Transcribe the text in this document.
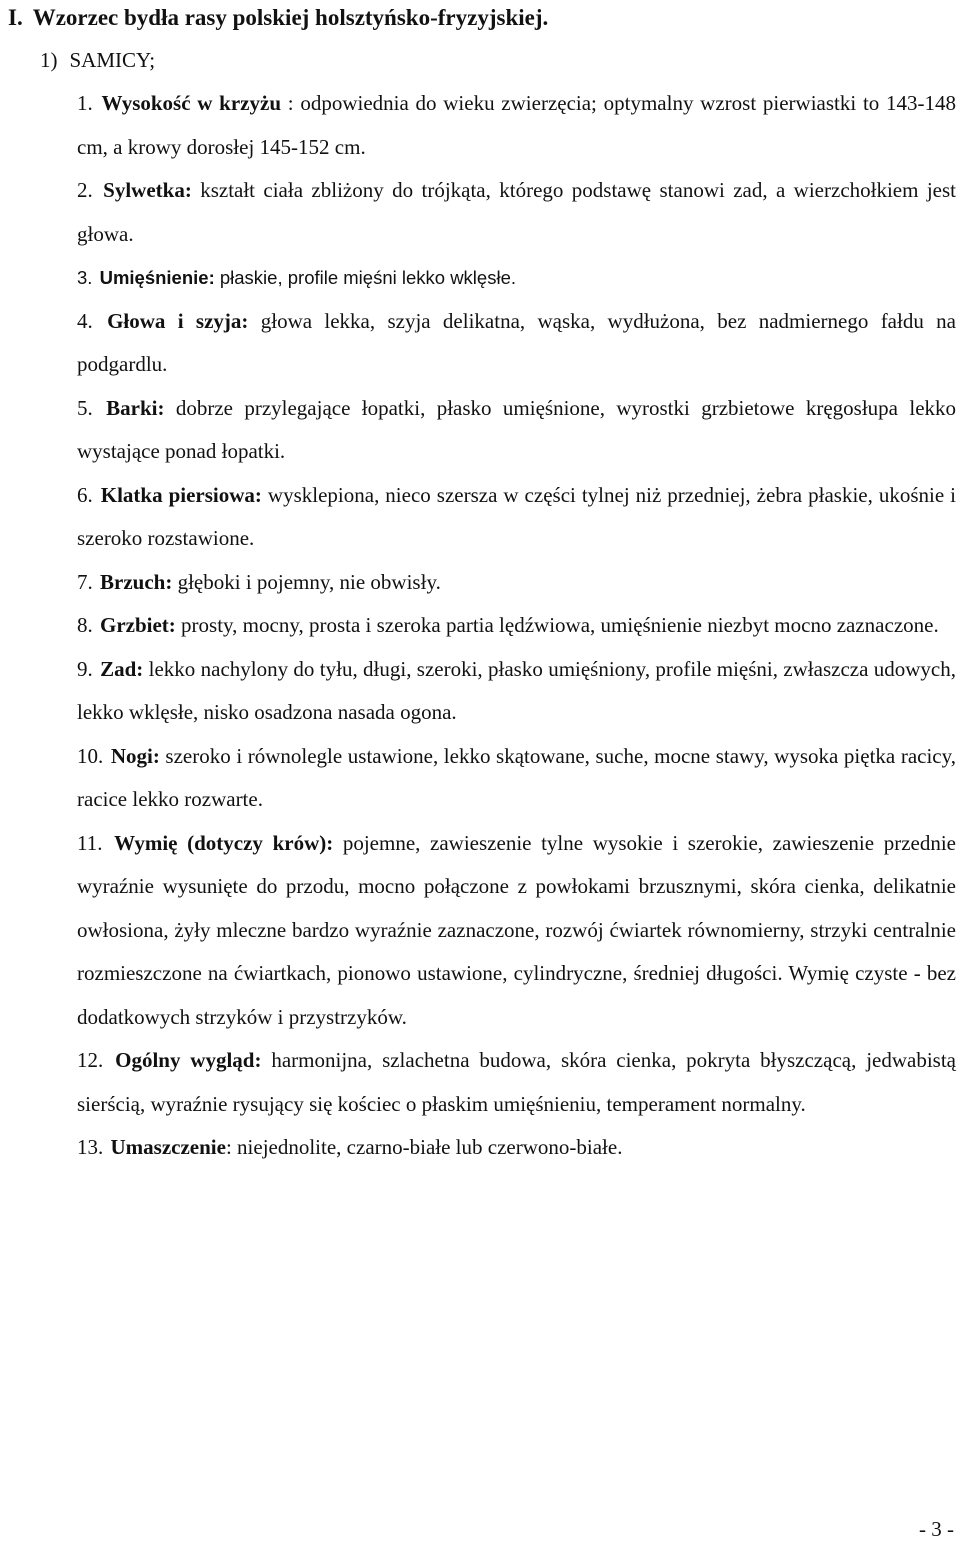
I. Wzorzec bydła rasy polskiej holsztyńsko-fryzyjskiej.
1) SAMICY;

1. Wysokość w krzyżu : odpowiednia do wieku zwierzęcia; optymalny wzrost pierwiastki to 143-148 cm, a krowy dorosłej 145-152 cm.

2. Sylwetka: kształt ciała zbliżony do trójkąta, którego podstawę stanowi zad, a wierzchołkiem jest głowa.

3. Umięśnienie: płaskie, profile mięśni lekko wklęsłe.

4. Głowa i szyja: głowa lekka, szyja delikatna, wąska, wydłużona, bez nadmiernego fałdu na podgardlu.

5. Barki: dobrze przylegające łopatki, płasko umięśnione, wyrostki grzbietowe kręgosłupa lekko wystające ponad łopatki.

6. Klatka piersiowa: wysklepiona, nieco szersza w części tylnej niż przedniej, żebra płaskie, ukośnie i szeroko rozstawione.

7. Brzuch: głęboki i pojemny, nie obwisły.

8. Grzbiet: prosty, mocny, prosta i szeroka partia lędźwiowa, umięśnienie niezbyt mocno zaznaczone.

9. Zad: lekko nachylony do tyłu, długi, szeroki, płasko umięśniony, profile mięśni, zwłaszcza udowych, lekko wklęsłe, nisko osadzona nasada ogona.

10. Nogi: szeroko i równolegle ustawione, lekko skątowane, suche, mocne stawy, wysoka piętka racicy, racice lekko rozwarte.

11. Wymię (dotyczy krów): pojemne, zawieszenie tylne wysokie i szerokie, zawieszenie przednie wyraźnie wysunięte do przodu, mocno połączone z powłokami brzusznymi, skóra cienka, delikatnie owłosiona, żyły mleczne bardzo wyraźnie zaznaczone, rozwój ćwiartek równomierny, strzyki centralnie rozmieszczone na ćwiartkach, pionowo ustawione, cylindryczne, średniej długości. Wymię czyste - bez dodatkowych strzyków i przystrzyków.

12. Ogólny wygląd: harmonijna, szlachetna budowa, skóra cienka, pokryta błyszczącą, jedwabistą sierścią, wyraźnie rysujący się kościec o płaskim umięśnieniu, temperament normalny.

13. Umaszczenie: niejednolite, czarno-białe lub czerwono-białe.

- 3 -
